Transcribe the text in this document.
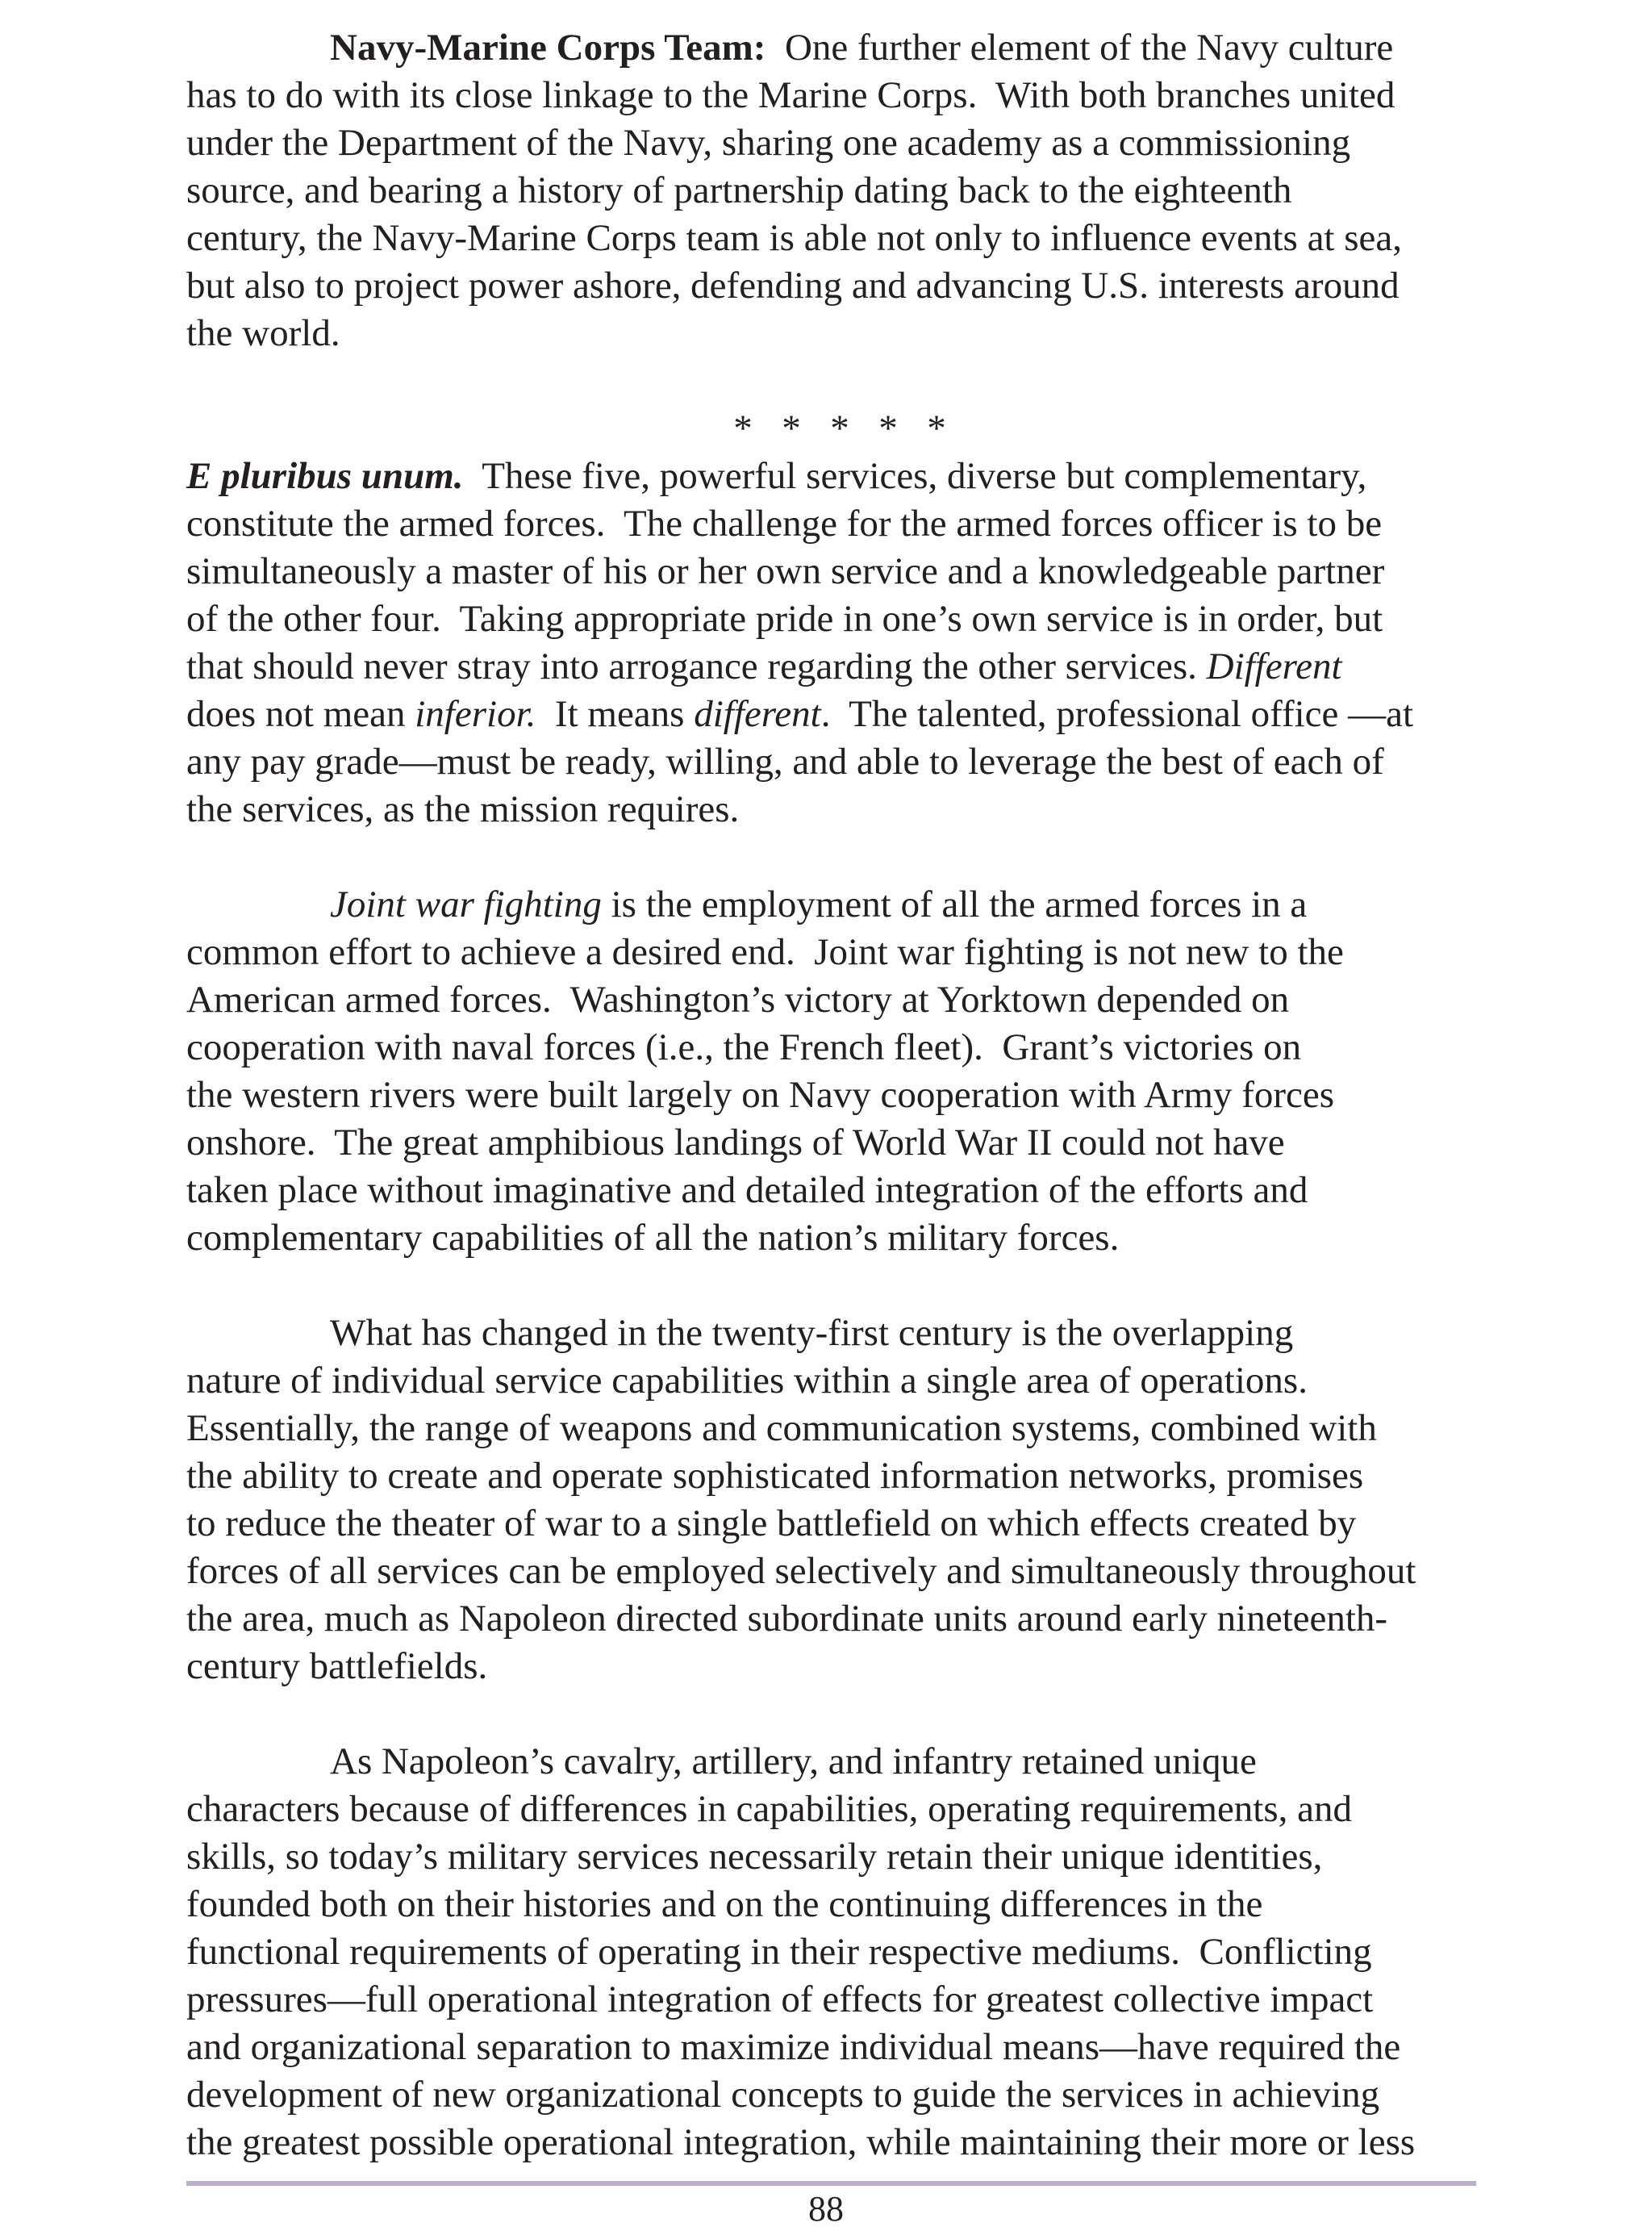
Navy-Marine Corps Team: One further element of the Navy culture
has to do with its close linkage to the Marine Corps.  With both branches united
under the Department of the Navy, sharing one academy as a commissioning
source, and bearing a history of partnership dating back to the eighteenth
century, the Navy-Marine Corps team is able not only to influence events at sea,
but also to project power ashore, defending and advancing U.S. interests around
the world.
* * * * *
E pluribus unum. These five, powerful services, diverse but complementary,
constitute the armed forces.  The challenge for the armed forces officer is to be
simultaneously a master of his or her own service and a knowledgeable partner
of the other four.  Taking appropriate pride in one’s own service is in order, but
that should never stray into arrogance regarding the other services. Different
does not mean inferior. It means different.  The talented, professional office —at
any pay grade—must be ready, willing, and able to leverage the best of each of
the services, as the mission requires.
Joint war fighting is the employment of all the armed forces in a
common effort to achieve a desired end.  Joint war fighting is not new to the
American armed forces.  Washington’s victory at Yorktown depended on
cooperation with naval forces (i.e., the French fleet).  Grant’s victories on
the western rivers were built largely on Navy cooperation with Army forces
onshore.  The great amphibious landings of World War II could not have
taken place without imaginative and detailed integration of the efforts and
complementary capabilities of all the nation’s military forces.
What has changed in the twenty-first century is the overlapping
nature of individual service capabilities within a single area of operations.
Essentially, the range of weapons and communication systems, combined with
the ability to create and operate sophisticated information networks, promises
to reduce the theater of war to a single battlefield on which effects created by
forces of all services can be employed selectively and simultaneously throughout
the area, much as Napoleon directed subordinate units around early nineteenth-
century battlefields.
As Napoleon’s cavalry, artillery, and infantry retained unique
characters because of differences in capabilities, operating requirements, and
skills, so today’s military services necessarily retain their unique identities,
founded both on their histories and on the continuing differences in the
functional requirements of operating in their respective mediums.  Conflicting
pressures—full operational integration of effects for greatest collective impact
and organizational separation to maximize individual means—have required the
development of new organizational concepts to guide the services in achieving
the greatest possible operational integration, while maintaining their more or less
88
